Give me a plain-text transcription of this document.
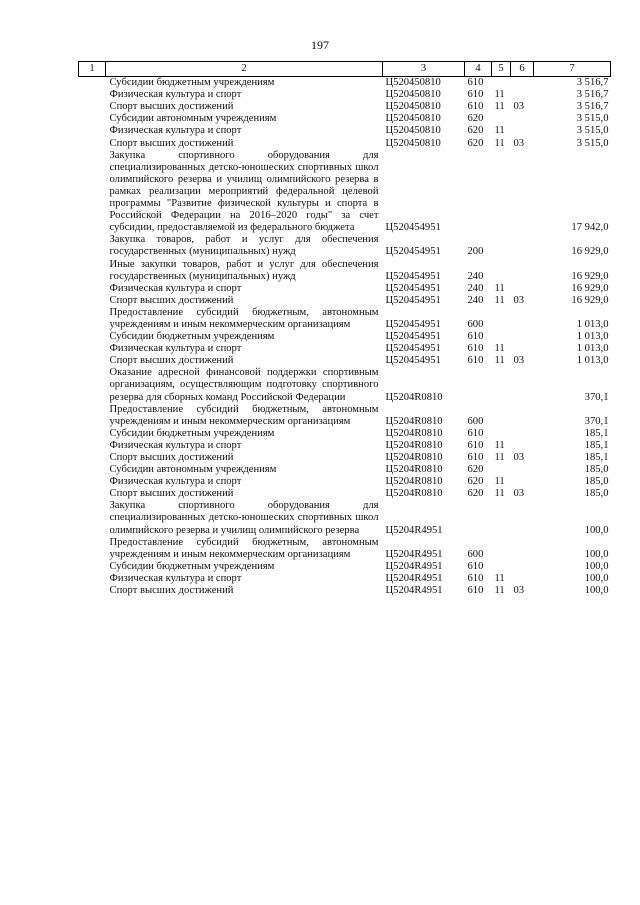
197
1	2	3	4	5	6	7
	Субсидии бюджетным учреждениям	Ц520450810	610			3 516,7
	Физическая культура и спорт	Ц520450810	610	11		3 516,7
	Спорт высших достижений	Ц520450810	610	11	03	3 516,7
	Субсидии автономным учреждениям	Ц520450810	620			3 515,0
	Физическая культура и спорт	Ц520450810	620	11		3 515,0
	Спорт высших достижений	Ц520450810	620	11	03	3 515,0
	Закупка спортивного оборудования для специализированных детско-юношеских спортивных школ олимпийского резерва и училищ олимпийского резерва в рамках реализации мероприятий федеральной целевой программы "Развитие физической культуры и спорта в Российской Федерации на 2016–2020 годы" за счет субсидии, предоставляемой из федерального бюджета	Ц520454951				17 942,0
	Закупка товаров, работ и услуг для обеспечения государственных (муниципальных) нужд	Ц520454951	200			16 929,0
	Иные закупки товаров, работ и услуг для обеспечения государственных (муниципальных) нужд	Ц520454951	240			16 929,0
	Физическая культура и спорт	Ц520454951	240	11		16 929,0
	Спорт высших достижений	Ц520454951	240	11	03	16 929,0
	Предоставление субсидий бюджетным, автономным учреждениям и иным некоммерческим организациям	Ц520454951	600			1 013,0
	Субсидии бюджетным учреждениям	Ц520454951	610			1 013,0
	Физическая культура и спорт	Ц520454951	610	11		1 013,0
	Спорт высших достижений	Ц520454951	610	11	03	1 013,0
	Оказание адресной финансовой поддержки спортивным организациям, осуществляющим подготовку спортивного резерва для сборных команд Российской Федерации	Ц5204R0810				370,1
	Предоставление субсидий бюджетным, автономным учреждениям и иным некоммерческим организациям	Ц5204R0810	600			370,1
	Субсидии бюджетным учреждениям	Ц5204R0810	610			185,1
	Физическая культура и спорт	Ц5204R0810	610	11		185,1
	Спорт высших достижений	Ц5204R0810	610	11	03	185,1
	Субсидии автономным учреждениям	Ц5204R0810	620			185,0
	Физическая культура и спорт	Ц5204R0810	620	11		185,0
	Спорт высших достижений	Ц5204R0810	620	11	03	185,0
	Закупка спортивного оборудования для специализированных детско-юношеских спортивных школ олимпийского резерва и училищ олимпийского резерва	Ц5204R4951				100,0
	Предоставление субсидий бюджетным, автономным учреждениям и иным некоммерческим организациям	Ц5204R4951	600			100,0
	Субсидии бюджетным учреждениям	Ц5204R4951	610			100,0
	Физическая культура и спорт	Ц5204R4951	610	11		100,0
	Спорт высших достижений	Ц5204R4951	610	11	03	100,0
